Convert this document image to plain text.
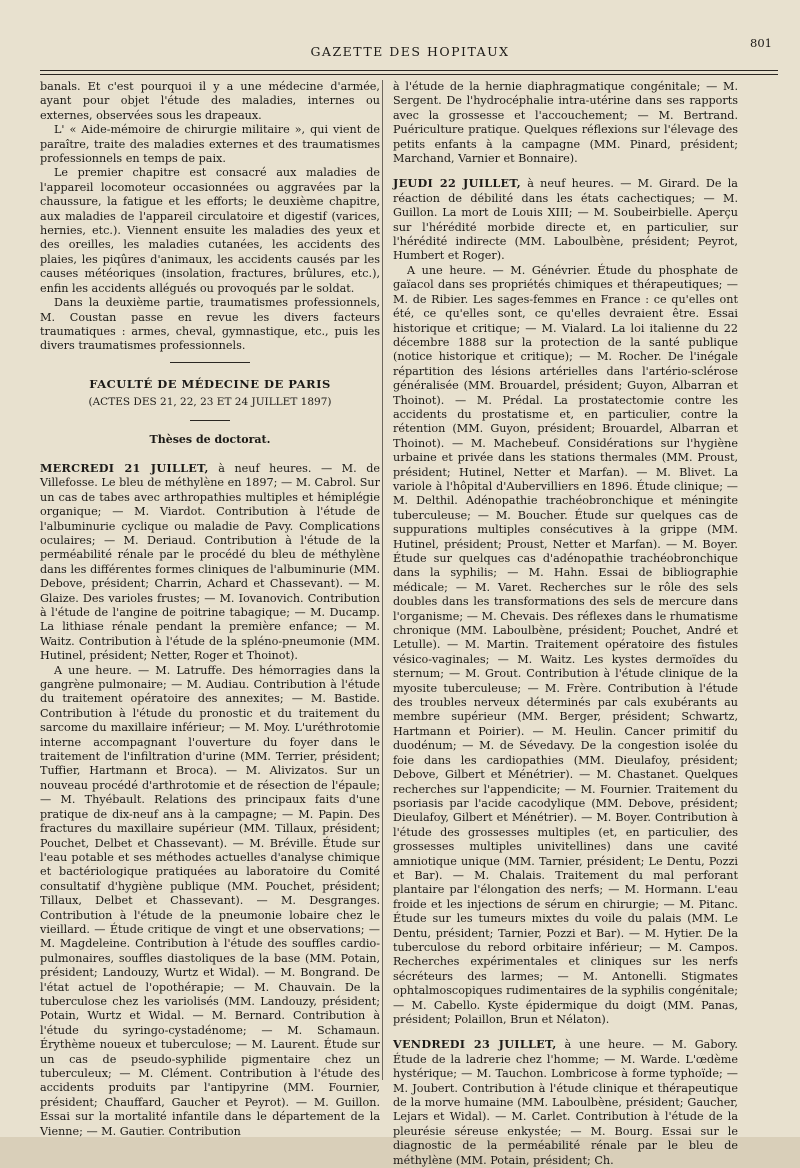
GAZETTE DES HOPITAUX
801

banals. Et c'est pourquoi il y a une médecine d'armée, ayant pour objet l'étude des maladies, internes ou externes, observées sous les drapeaux.

L' « Aide-mémoire de chirurgie militaire », qui vient de paraître, traite des maladies externes et des traumatismes professionnels en temps de paix.

Le premier chapitre est consacré aux maladies de l'appareil locomoteur occasionnées ou aggravées par la chaussure, la fatigue et les efforts; le deuxième chapitre, aux maladies de l'appareil circulatoire et digestif (varices, hernies, etc.). Viennent ensuite les maladies des yeux et des oreilles, les maladies cutanées, les accidents des plaies, les piqûres d'animaux, les accidents causés par les causes météoriques (insolation, fractures, brûlures, etc.), enfin les accidents allégués ou provoqués par le soldat.

Dans la deuxième partie, traumatismes professionnels, M. Coustan passe en revue les divers facteurs traumatiques : armes, cheval, gymnastique, etc., puis les divers traumatismes professionnels.

FACULTÉ DE MÉDECINE DE PARIS
(ACTES DES 21, 22, 23 ET 24 JUILLET 1897)
Thèses de doctorat.

MERCREDI 21 JUILLET, à neuf heures. — M. de Villefosse. Le bleu de méthylène en 1897; — M. Cabrol. Sur un cas de tabes avec arthropathies multiples et hémiplégie organique; — M. Viardot. Contribution à l'étude de l'albuminurie cyclique ou maladie de Pavy. Complications oculaires; — M. Deriaud. Contribution à l'étude de la perméabilité rénale par le procédé du bleu de méthylène dans les différentes formes cliniques de l'albuminurie (MM. Debove, président; Charrin, Achard et Chassevant). — M. Glaize. Des varioles frustes; — M. Iovanovich. Contribution à l'étude de l'angine de poitrine tabagique; — M. Ducamp. La lithiase rénale pendant la première enfance; — M. Waitz. Contribution à l'étude de la spléno-pneumonie (MM. Hutinel, président; Netter, Roger et Thoinot).

A une heure. — M. Latruffe. Des hémorragies dans la gangrène pulmonaire; — M. Audiau. Contribution à l'étude du traitement opératoire des annexites; — M. Bastide. Contribution à l'étude du pronostic et du traitement du sarcome du maxillaire inférieur; — M. Moy. L'uréthrotomie interne accompagnant l'ouverture du foyer dans le traitement de l'infiltration d'urine (MM. Terrier, président; Tuffier, Hartmann et Broca). — M. Alivizatos. Sur un nouveau procédé d'arthrotomie et de résection de l'épaule; — M. Thyébault. Relations des principaux faits d'une pratique de dix-neuf ans à la campagne; — M. Papin. Des fractures du maxillaire supérieur (MM. Tillaux, président; Pouchet, Delbet et Chassevant). — M. Bréville. Étude sur l'eau potable et ses méthodes actuelles d'analyse chimique et bactériologique pratiquées au laboratoire du Comité consultatif d'hygiène publique (MM. Pouchet, président; Tillaux, Delbet et Chassevant). — M. Desgranges. Contribution à l'étude de la pneumonie lobaire chez le vieillard. — Étude critique de vingt et une observations; — M. Magdeleine. Contribution à l'étude des souffles cardio-pulmonaires, souffles diastoliques de la base (MM. Potain, président; Landouzy, Wurtz et Widal). — M. Bongrand. De l'état actuel de l'opothérapie; — M. Chauvain. De la tuberculose chez les variolisés (MM. Landouzy, président; Potain, Wurtz et Widal. — M. Bernard. Contribution à l'étude du syringo-cystadénome; — M. Schamaun. Érythème noueux et tuberculose; — M. Laurent. Étude sur un cas de pseudo-syphilide pigmentaire chez un tuberculeux; — M. Clément. Contribution à l'étude des accidents produits par l'antipyrine (MM. Fournier, président; Chauffard, Gaucher et Peyrot). — M. Guillon. Essai sur la mortalité infantile dans le département de la Vienne; — M. Gautier. Contribution

à l'étude de la hernie diaphragmatique congénitale; — M. Sergent. De l'hydrocéphalie intra-utérine dans ses rapports avec la grossesse et l'accouchement; — M. Bertrand. Puériculture pratique. Quelques réflexions sur l'élevage des petits enfants à la campagne (MM. Pinard, président; Marchand, Varnier et Bonnaire).

JEUDI 22 JUILLET, à neuf heures. — M. Girard. De la réaction de débilité dans les états cachectiques; — M. Guillon. La mort de Louis XIII; — M. Soubeirbielle. Aperçu sur l'hérédité morbide directe et, en particulier, sur l'hérédité indirecte (MM. Laboulbène, président; Peyrot, Humbert et Roger).

A une heure. — M. Génévrier. Étude du phosphate de gaïacol dans ses propriétés chimiques et thérapeutiques; — M. de Ribier. Les sages-femmes en France : ce qu'elles ont été, ce qu'elles sont, ce qu'elles devraient être. Essai historique et critique; — M. Vialard. La loi italienne du 22 décembre 1888 sur la protection de la santé publique (notice historique et critique); — M. Rocher. De l'inégale répartition des lésions artérielles dans l'artério-sclérose généralisée (MM. Brouardel, président; Guyon, Albarran et Thoinot). — M. Prédal. La prostatectomie contre les accidents du prostatisme et, en particulier, contre la rétention (MM. Guyon, président; Brouardel, Albarran et Thoinot). — M. Machebeuf. Considérations sur l'hygiène urbaine et privée dans les stations thermales (MM. Proust, président; Hutinel, Netter et Marfan). — M. Blivet. La variole à l'hôpital d'Aubervilliers en 1896. Étude clinique; — M. Delthil. Adénopathie trachéobronchique et méningite tuberculeuse; — M. Boucher. Étude sur quelques cas de suppurations multiples consécutives à la grippe (MM. Hutinel, président; Proust, Netter et Marfan). — M. Boyer. Étude sur quelques cas d'adénopathie trachéobronchique dans la syphilis; — M. Hahn. Essai de bibliographie médicale; — M. Varet. Recherches sur le rôle des sels doubles dans les transformations des sels de mercure dans l'organisme; — M. Chevais. Des réflexes dans le rhumatisme chronique (MM. Laboulbène, président; Pouchet, André et Letulle). — M. Martin. Traitement opératoire des fistules vésico-vaginales; — M. Waitz. Les kystes dermoïdes du sternum; — M. Grout. Contribution à l'étude clinique de la myosite tuberculeuse; — M. Frère. Contribution à l'étude des troubles nerveux déterminés par cals exubérants au membre supérieur (MM. Berger, président; Schwartz, Hartmann et Poirier). — M. Heulin. Cancer primitif du duodénum; — M. de Sévedavy. De la congestion isolée du foie dans les cardiopathies (MM. Dieulafoy, président; Debove, Gilbert et Ménétrier). — M. Chastanet. Quelques recherches sur l'appendicite; — M. Fournier. Traitement du psoriasis par l'acide cacodylique (MM. Debove, président; Dieulafoy, Gilbert et Ménétrier). — M. Boyer. Contribution à l'étude des grossesses multiples (et, en particulier, des grossesses multiples univitellines) dans une cavité amniotique unique (MM. Tarnier, président; Le Dentu, Pozzi et Bar). — M. Chalais. Traitement du mal perforant plantaire par l'élongation des nerfs; — M. Hormann. L'eau froide et les injections de sérum en chirurgie; — M. Pitanc. Étude sur les tumeurs mixtes du voile du palais (MM. Le Dentu, président; Tarnier, Pozzi et Bar). — M. Hytier. De la tuberculose du rebord orbitaire inférieur; — M. Campos. Recherches expérimentales et cliniques sur les nerfs sécréteurs des larmes; — M. Antonelli. Stigmates ophtalmoscopiques rudimentaires de la syphilis congénitale; — M. Cabello. Kyste épidermique du doigt (MM. Panas, président; Polaillon, Brun et Nélaton).

VENDREDI 23 JUILLET, à une heure. — M. Gabory. Étude de la ladrerie chez l'homme; — M. Warde. L'œdème hystérique; — M. Tauchon. Lombricose à forme typhoïde; — M. Joubert. Contribution à l'étude clinique et thérapeutique de la morve humaine (MM. Laboulbène, président; Gaucher, Lejars et Widal). — M. Carlet. Contribution à l'étude de la pleurésie séreuse enkystée; — M. Bourg. Essai sur le diagnostic de la perméabilité rénale par le bleu de méthylène (MM. Potain, président; Ch.
